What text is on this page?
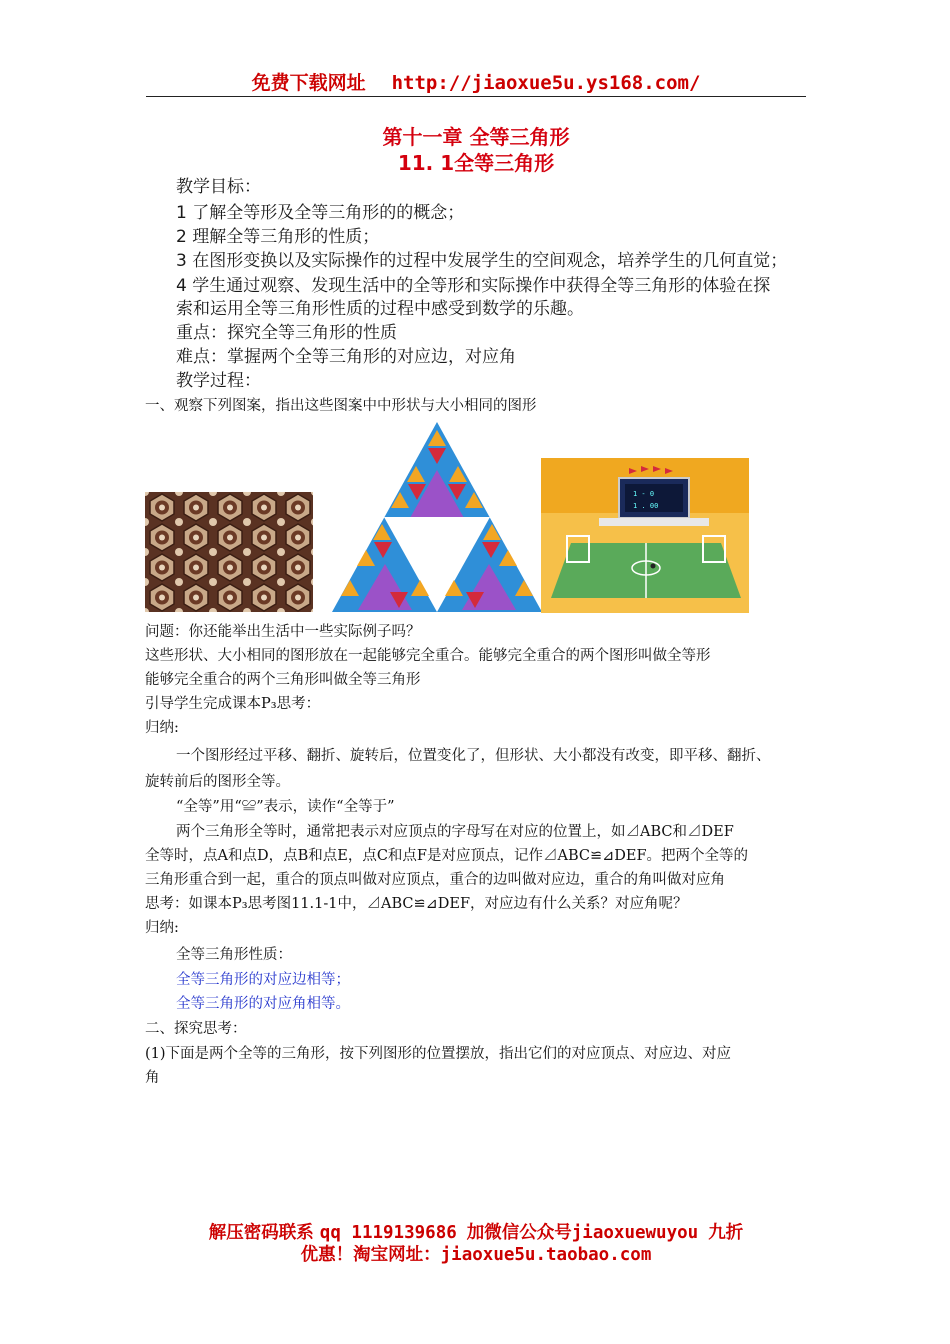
免费下载网址 http://jiaoxue5u.ys168.com/
第十一章 全等三角形
11. 1全等三角形
教学目标：
1 了解全等形及全等三角形的的概念；
2 理解全等三角形的性质；
3 在图形变换以及实际操作的过程中发展学生的空间观念，培养学生的几何直觉；
4 学生通过观察、发现生活中的全等形和实际操作中获得全等三角形的体验在探
索和运用全等三角形性质的过程中感受到数学的乐趣。
重点：探究全等三角形的性质
难点：掌握两个全等三角形的对应边，对应角
教学过程：
一、观察下列图案，指出这些图案中中形状与大小相同的图形
1 - 0
1 . 00
问题：你还能举出生活中一些实际例子吗？
这些形状、大小相同的图形放在一起能够完全重合。能够完全重合的两个图形叫做全等形
能够完全重合的两个三角形叫做全等三角形
引导学生完成课本P₃思考：
归纳:
一个图形经过平移、翻折、旋转后，位置变化了，但形状、大小都没有改变，即平移、翻折、
旋转前后的图形全等。
“全等”用“≌”表示，读作“全等于”
两个三角形全等时，通常把表示对应顶点的字母写在对应的位置上，如⊿ABC和⊿DEF
全等时，点A和点D，点B和点E，点C和点F是对应顶点，记作⊿ABC≌⊿DEF。把两个全等的
三角形重合到一起，重合的顶点叫做对应顶点，重合的边叫做对应边，重合的角叫做对应角
思考：如课本P₃思考图11.1-1中，⊿ABC≌⊿DEF，对应边有什么关系？对应角呢？
归纳:
全等三角形性质：
全等三角形的对应边相等；
全等三角形的对应角相等。
二、探究思考：
(1)下面是两个全等的三角形，按下列图形的位置摆放，指出它们的对应顶点、对应边、对应
角
解压密码联系 qq 1119139686 加微信公众号jiaoxuewuyou 九折
优惠！淘宝网址：jiaoxue5u.taobao.com
